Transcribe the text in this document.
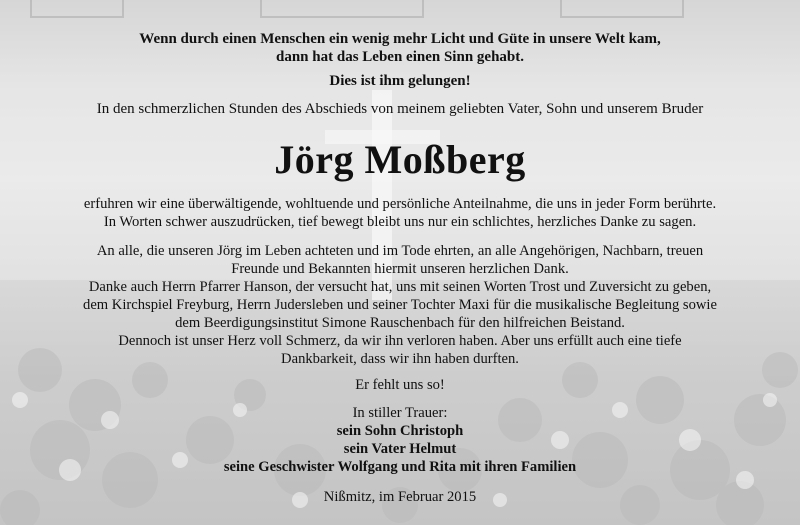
Wenn durch einen Menschen ein wenig mehr Licht und Güte in unsere Welt kam,
dann hat das Leben einen Sinn gehabt.
Dies ist ihm gelungen!
In den schmerzlichen Stunden des Abschieds von meinem geliebten Vater, Sohn und unserem Bruder
Jörg Moßberg
erfuhren wir eine überwältigende, wohltuende und persönliche Anteilnahme, die uns in jeder Form berührte.
In Worten schwer auszudrücken, tief bewegt bleibt uns nur ein schlichtes, herzliches Danke zu sagen.
An alle, die unseren Jörg im Leben achteten und im Tode ehrten, an alle Angehörigen, Nachbarn, treuen
Freunde und Bekannten hiermit unseren herzlichen Dank.
Danke auch Herrn Pfarrer Hanson, der versucht hat, uns mit seinen Worten Trost und Zuversicht zu geben,
dem Kirchspiel Freyburg, Herrn Judersleben und seiner Tochter Maxi für die musikalische Begleitung sowie
dem Beerdigungsinstitut Simone Rauschenbach für den hilfreichen Beistand.
Dennoch ist unser Herz voll Schmerz, da wir ihn verloren haben. Aber uns erfüllt auch eine tiefe
Dankbarkeit, dass wir ihn haben durften.
Er fehlt uns so!
In stiller Trauer:
sein Sohn Christoph
sein Vater Helmut
seine Geschwister Wolfgang und Rita mit ihren Familien
Nißmitz, im Februar 2015
